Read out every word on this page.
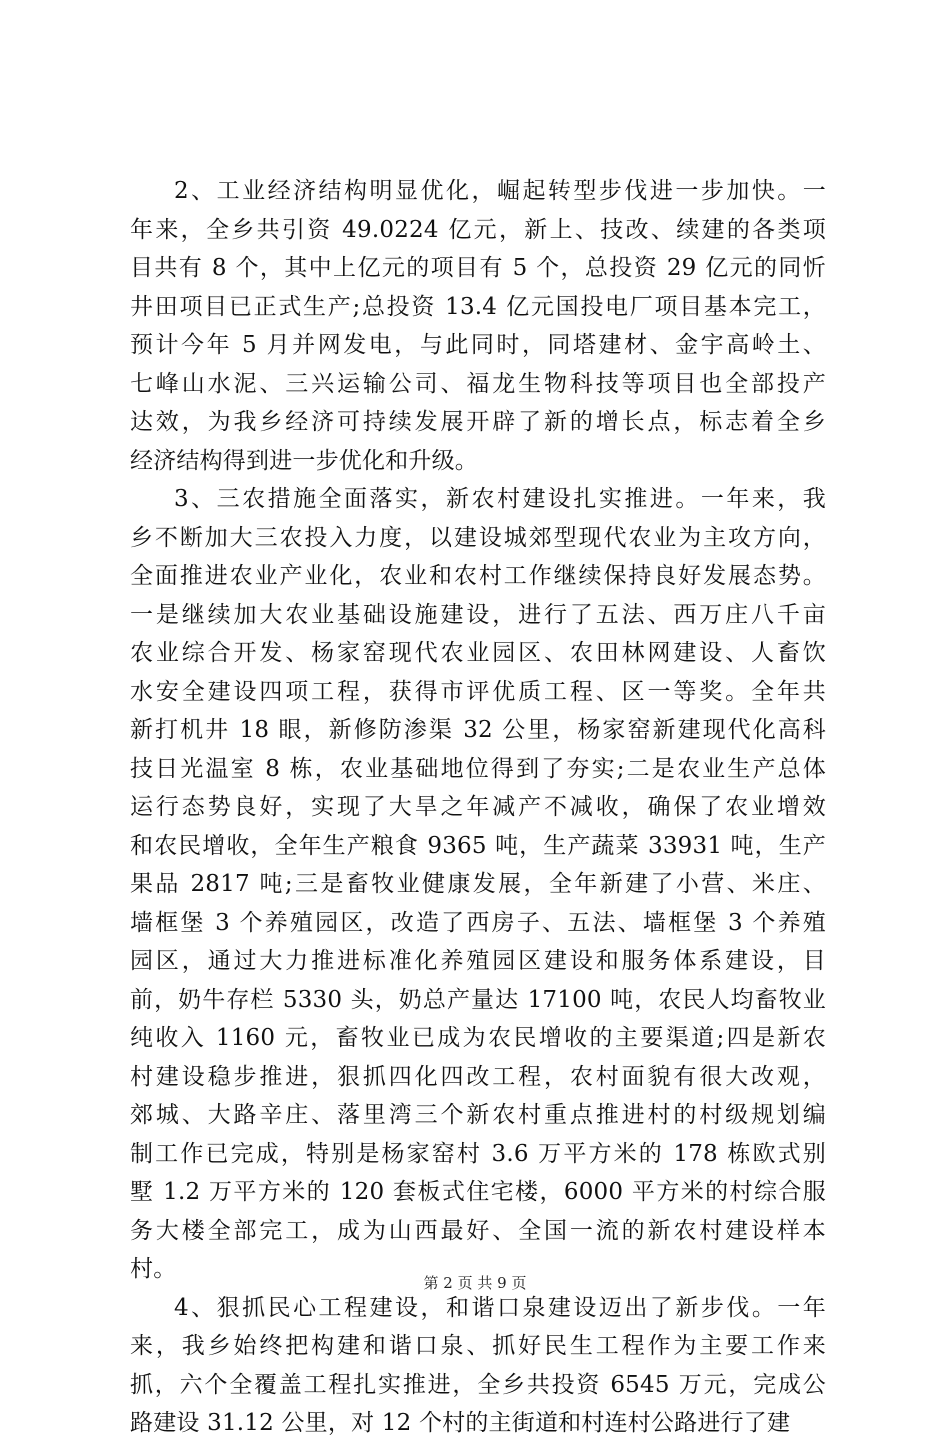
2、工业经济结构明显优化，崛起转型步伐进一步加快。一
年来，全乡共引资 49.0224 亿元，新上、技改、续建的各类项
目共有 8 个，其中上亿元的项目有 5 个，总投资 29 亿元的同忻
井田项目已正式生产;总投资 13.4 亿元国投电厂项目基本完工，
预计今年 5 月并网发电，与此同时，同塔建材、金宇高岭土、
七峰山水泥、三兴运输公司、福龙生物科技等项目也全部投产
达效，为我乡经济可持续发展开辟了新的增长点，标志着全乡
经济结构得到进一步优化和升级。
3、三农措施全面落实，新农村建设扎实推进。一年来，我
乡不断加大三农投入力度，以建设城郊型现代农业为主攻方向，
全面推进农业产业化，农业和农村工作继续保持良好发展态势。
一是继续加大农业基础设施建设，进行了五法、西万庄八千亩
农业综合开发、杨家窑现代农业园区、农田林网建设、人畜饮
水安全建设四项工程，获得市评优质工程、区一等奖。全年共
新打机井 18 眼，新修防渗渠 32 公里，杨家窑新建现代化高科
技日光温室 8 栋，农业基础地位得到了夯实;二是农业生产总体
运行态势良好，实现了大旱之年减产不减收，确保了农业增效
和农民增收，全年生产粮食 9365 吨，生产蔬菜 33931 吨，生产
果品 2817 吨;三是畜牧业健康发展，全年新建了小营、米庄、
墙框堡 3 个养殖园区，改造了西房子、五法、墙框堡 3 个养殖
园区，通过大力推进标准化养殖园区建设和服务体系建设，目
前，奶牛存栏 5330 头，奶总产量达 17100 吨，农民人均畜牧业
纯收入 1160 元，畜牧业已成为农民增收的主要渠道;四是新农
村建设稳步推进，狠抓四化四改工程，农村面貌有很大改观，
郊城、大路辛庄、落里湾三个新农村重点推进村的村级规划编
制工作已完成，特别是杨家窑村 3.6 万平方米的 178 栋欧式别
墅 1.2 万平方米的 120 套板式住宅楼，6000 平方米的村综合服
务大楼全部完工，成为山西最好、全国一流的新农村建设样本
村。
4、狠抓民心工程建设，和谐口泉建设迈出了新步伐。一年
来，我乡始终把构建和谐口泉、抓好民生工程作为主要工作来
抓，六个全覆盖工程扎实推进，全乡共投资 6545 万元，完成公
路建设 31.12 公里，对 12 个村的主街道和村连村公路进行了建
第 2 页 共 9 页
